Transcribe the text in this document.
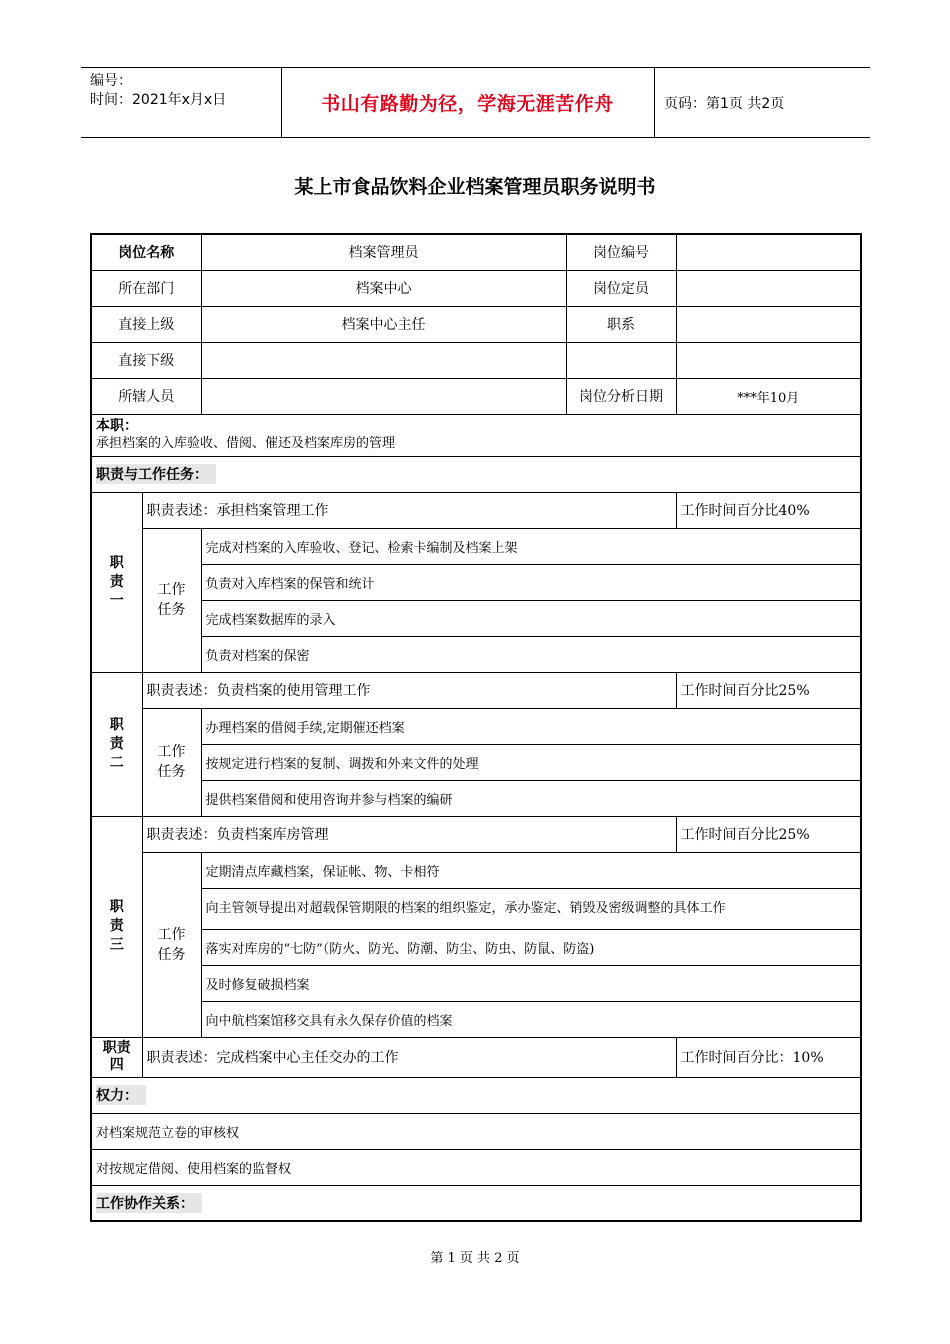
编号：
时间：2021年x月x日	书山有路勤为径，学海无涯苦作舟	页码：第1页 共2页
某上市食品饮料企业档案管理员职务说明书
岗位名称		档案管理员	岗位编号	
所在部门		档案中心	岗位定员	
直接上级		档案中心主任	职系	
直接下级				
所辖人员			岗位分析日期	***年10月

本职：
承担档案的入库验收、借阅、催还及档案库房的管理				

职责与工作任务：				
职
责
一	职责表述：承担档案管理工作			工作时间百分比40%
	工作
任务	完成对档案的入库验收、登记、检索卡编制及档案上架		
		负责对入库档案的保管和统计		
		完成档案数据库的录入		
		负责对档案的保密		
职
责
二	职责表述：负责档案的使用管理工作			工作时间百分比25%
	工作
任务	办理档案的借阅手续,定期催还档案		
		按规定进行档案的复制、调拨和外来文件的处理		
		提供档案借阅和使用咨询并参与档案的编研		
职
责
三	职责表述：负责档案库房管理			工作时间百分比25%
	工作
任务	定期清点库藏档案，保证帐、物、卡相符		
		向主管领导提出对超载保管期限的档案的组织鉴定，承办鉴定、销毁及密级调整的具体工作		
		落实对库房的“七防”（防火、防光、防潮、防尘、防虫、防鼠、防盗)		
		及时修复破损档案		
		向中航档案馆移交具有永久保存价值的档案		
职责
四	职责表述：完成档案中心主任交办的工作			工作时间百分比：10%
权力：				
对档案规范立卷的审核权				
对按规定借阅、使用档案的监督权				
工作协作关系：				
第 1 页 共 2 页
